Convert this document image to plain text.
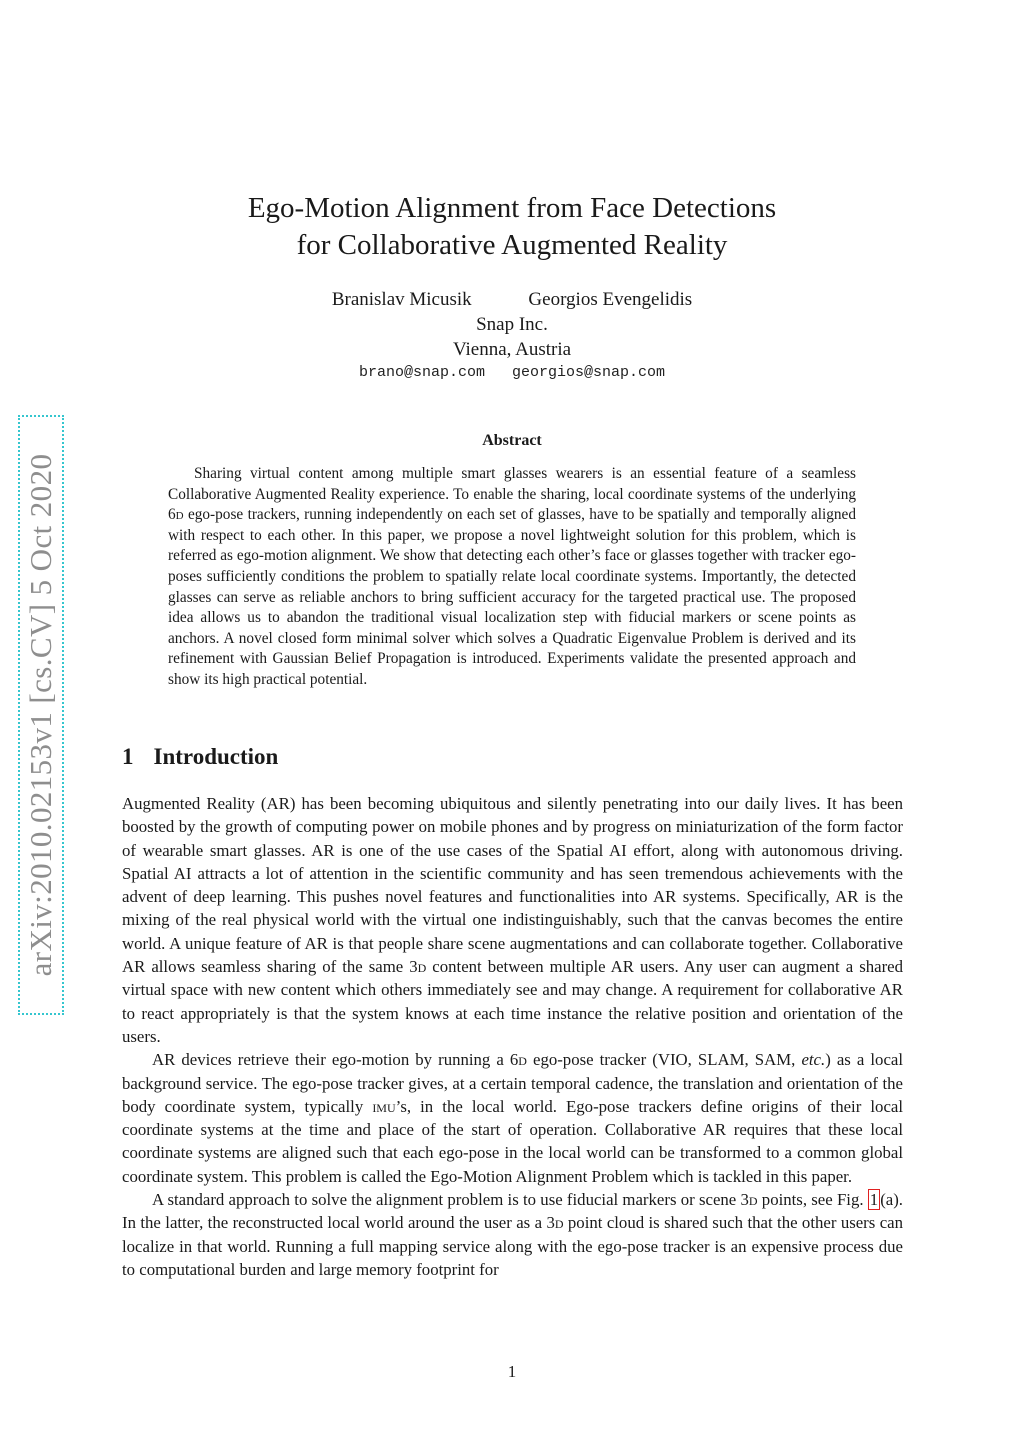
arXiv:2010.02153v1 [cs.CV] 5 Oct 2020
Ego-Motion Alignment from Face Detections
for Collaborative Augmented Reality
Branislav Micusik	Georgios Evengelidis
Snap Inc.
Vienna, Austria
brano@snap.com georgios@snap.com
Abstract

Sharing virtual content among multiple smart glasses wearers is an essential feature of a seamless Collaborative Augmented Reality experience. To enable the sharing, local coordinate systems of the underlying 6d ego-pose trackers, running independently on each set of glasses, have to be spatially and temporally aligned with respect to each other. In this paper, we propose a novel lightweight solution for this problem, which is referred as ego-motion alignment. We show that detecting each other’s face or glasses together with tracker ego-poses sufficiently conditions the problem to spatially relate local coordinate systems. Importantly, the detected glasses can serve as reliable anchors to bring sufficient accuracy for the targeted practical use. The proposed idea allows us to abandon the traditional visual localization step with fiducial markers or scene points as anchors. A novel closed form minimal solver which solves a Quadratic Eigenvalue Problem is derived and its refinement with Gaussian Belief Propagation is introduced. Experiments validate the presented approach and show its high practical potential.

1 Introduction

Augmented Reality (AR) has been becoming ubiquitous and silently penetrating into our daily lives. It has been boosted by the growth of computing power on mobile phones and by progress on miniaturization of the form factor of wearable smart glasses. AR is one of the use cases of the Spatial AI effort, along with autonomous driving. Spatial AI attracts a lot of attention in the scientific community and has seen tremendous achievements with the advent of deep learning. This pushes novel features and functionalities into AR systems. Specifically, AR is the mixing of the real physical world with the virtual one indistinguishably, such that the canvas becomes the entire world. A unique feature of AR is that people share scene augmentations and can collaborate together. Collaborative AR allows seamless sharing of the same 3d content between multiple AR users. Any user can augment a shared virtual space with new content which others immediately see and may change. A requirement for collaborative AR to react appropriately is that the system knows at each time instance the relative position and orientation of the users.

AR devices retrieve their ego-motion by running a 6d ego-pose tracker (VIO, SLAM, SAM, etc.) as a local background service. The ego-pose tracker gives, at a certain temporal cadence, the translation and orientation of the body coordinate system, typically imu’s, in the local world. Ego-pose trackers define origins of their local coordinate systems at the time and place of the start of operation. Collaborative AR requires that these local coordinate systems are aligned such that each ego-pose in the local world can be transformed to a common global coordinate system. This problem is called the Ego-Motion Alignment Problem which is tackled in this paper.

A standard approach to solve the alignment problem is to use fiducial markers or scene 3d points, see Fig. 1 (a). In the latter, the reconstructed local world around the user as a 3d point cloud is shared such that the other users can localize in that world. Running a full mapping service along with the ego-pose tracker is an expensive process due to computational burden and large memory footprint for

1
